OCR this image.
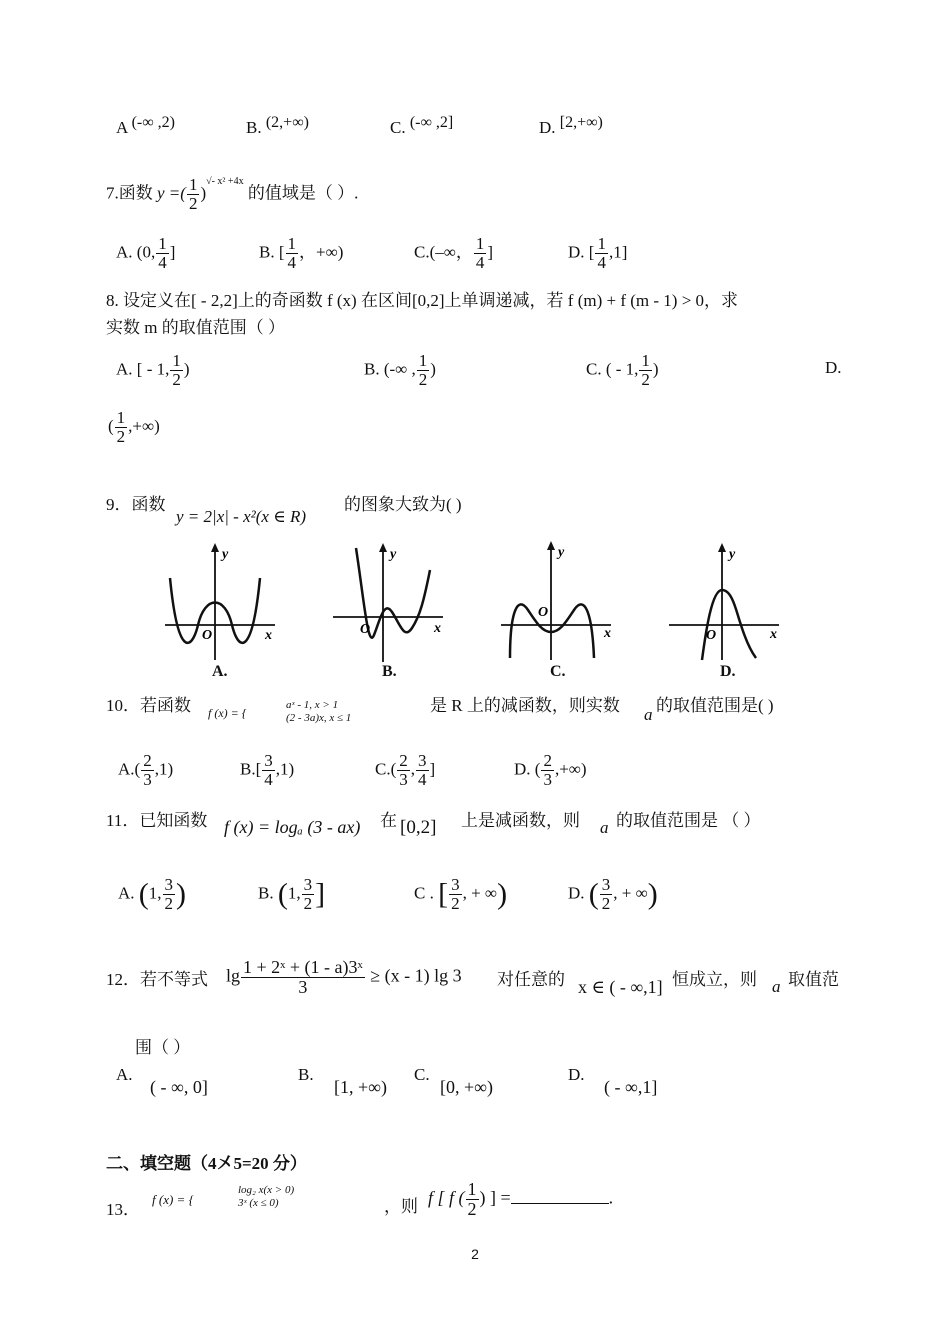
A (-∞ ,2)	B. (2,+∞)	C. (-∞ ,2]	D. [2,+∞)
7.函数 y =( $\frac{1}{2} )^{√- x^2 +4x}$ 的值域是（ ）.
A. (0, $\frac{1}{4}$ ]	B. [ $\frac{1}{4}$ ，+∞)	C.(–∞， $\frac{1}{4}$ ]	D. [ $\frac{1}{4} ,1$]
8. 设定义在[ - 2,2]上的奇函数 f (x) 在区间[0,2]上单调递减，若 f (m) + f (m - 1) > 0，求
实数 m 的取值范围（ ）
A. [ - 1, $\frac{1}{2}$ )	B. (-∞ , $\frac{1}{2}$ )	C. ( - 1, $\frac{1}{2}$ )	D.
( $\frac{1}{2}$ ,+∞)
9．函数
y = 2|x| - x²(x ∈ R)
的图象大致为( )
y
x
O
y
x
O
y
x
O
y
x
O
A.	B.	C.	D.
10．若函数 f (x) = {
aˣ - 1, x > 1
(2 - 3a)x, x ≤ 1
是 R 上的减函数，则实数 a 的取值范围是( )
$A.( \frac{2}{3} ,1)$	$B.[ \frac{3}{4} ,1)$	$C.( \frac{2}{3}$ , $\frac{3}{4}$ ]	D. ( $\frac{2}{3}$ ,+∞)
11．已知函数 f (x) = logₐ (3 - ax) 在 [0,2] 上是减函数，则 a 的取值范围是 （ ）
A. (1, $\frac{3}{2}$ )	B. (1, $\frac{3}{2}$ ]	C . [ $\frac{3}{2}$ , + ∞)	D. ( $\frac{3}{2}$ , + ∞)
12．若不等式 $\lg \frac{\text{1 + 2ˣ + (1 - a)3ˣ}}{3} \ge (x - 1)$ lg 3 对任意的 x ∈ ( - ∞,1] 恒成立，则 a 取值范
围（ ）
A.
( - ∞, 0]
B.
[1, +∞)
C.
[0, +∞)
D.
( - ∞,1]
二、填空题（4㐅5=20 分）
13．
f (x) = {
log₂ x(x > 0)
3ˣ (x ≤ 0)	，则 f [ f ( $\frac{1}{2}$ ) ] =	.
2
